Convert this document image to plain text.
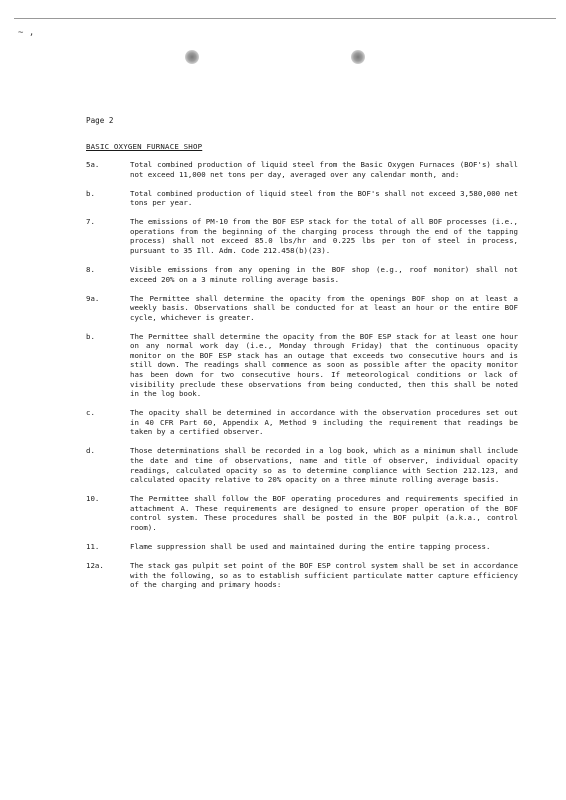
~ ,
Page 2
BASIC OXYGEN FURNACE SHOP
5a.	Total combined production of liquid steel from the Basic Oxygen Furnaces (BOF's) shall not exceed 11,000 net tons per day, averaged over any calendar month, and:
b.	Total combined production of liquid steel from the BOF's shall not exceed 3,580,000 net tons per year.
7.	The emissions of PM-10 from the BOF ESP stack for the total of all BOF processes (i.e., operations from the beginning of the charging process through the end of the tapping process) shall not exceed 85.0 lbs/hr and 0.225 lbs per ton of steel in process, pursuant to 35 Ill. Adm. Code 212.458(b)(23).
8.	Visible emissions from any opening in the BOF shop (e.g., roof monitor) shall not exceed 20% on a 3 minute rolling average basis.
9a.	The Permittee shall determine the opacity from the openings BOF shop on at least a weekly basis. Observations shall be conducted for at least an hour or the entire BOF cycle, whichever is greater.
b.	The Permittee shall determine the opacity from the BOF ESP stack for at least one hour on any normal work day (i.e., Monday through Friday) that the continuous opacity monitor on the BOF ESP stack has an outage that exceeds two consecutive hours and is still down. The readings shall commence as soon as possible after the opacity monitor has been down for two consecutive hours. If meteorological conditions or lack of visibility preclude these observations from being conducted, then this shall be noted in the log book.
c.	The opacity shall be determined in accordance with the observation procedures set out in 40 CFR Part 60, Appendix A, Method 9 including the requirement that readings be taken by a certified observer.
d.	Those determinations shall be recorded in a log book, which as a minimum shall include the date and time of observations, name and title of observer, individual opacity readings, calculated opacity so as to determine compliance with Section 212.123, and calculated opacity relative to 20% opacity on a three minute rolling average basis.
10.	The Permittee shall follow the BOF operating procedures and requirements specified in attachment A. These requirements are designed to ensure proper operation of the BOF control system. These procedures shall be posted in the BOF pulpit (a.k.a., control room).
11.	Flame suppression shall be used and maintained during the entire tapping process.
12a.	The stack gas pulpit set point of the BOF ESP control system shall be set in accordance with the following, so as to establish sufficient particulate matter capture efficiency of the charging and primary hoods:
